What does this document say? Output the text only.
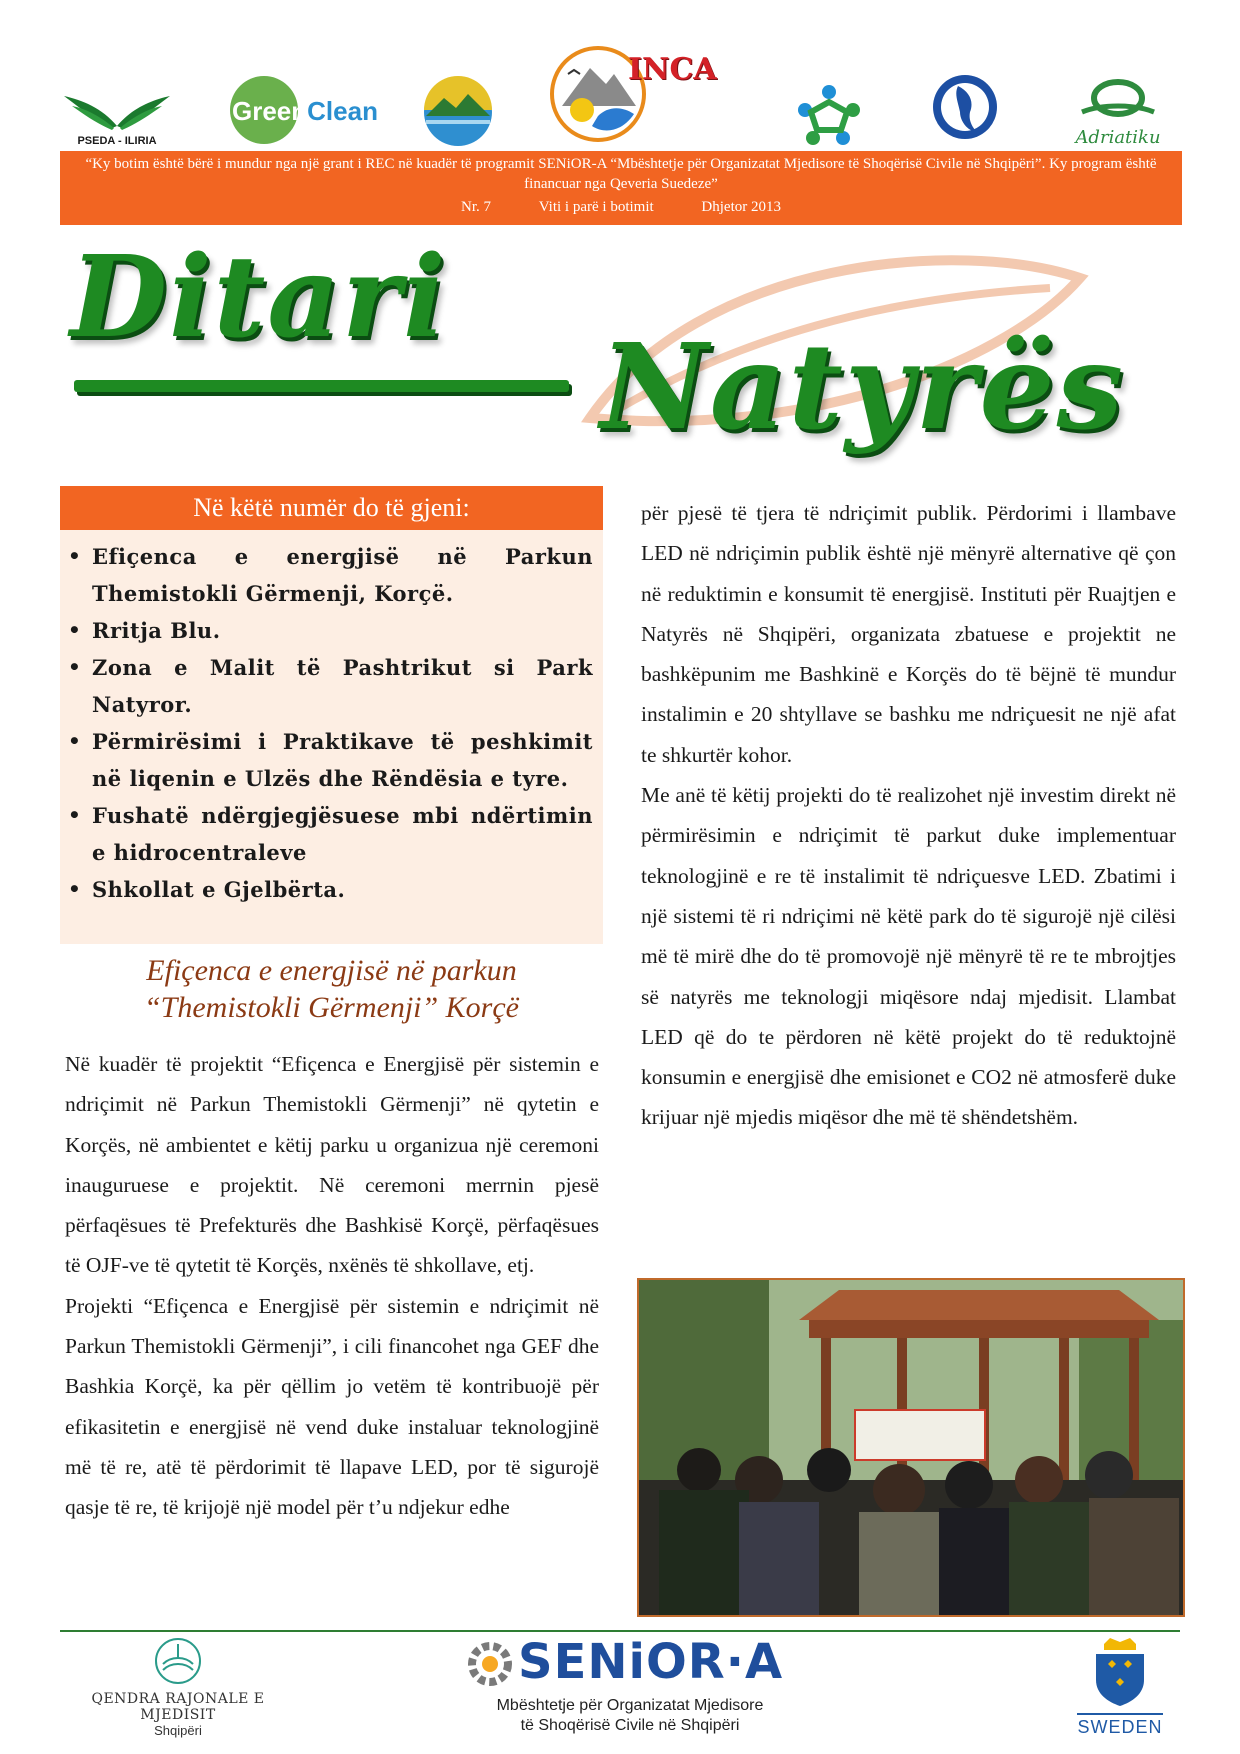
PSEDA - ILIRIA
GreenClean
INCA
Adriatiku

“Ky botim është bërë i mundur nga një grant i REC në kuadër të programit SENiOR-A “Mbështetje për Organizatat Mjedisore të Shoqërisë Civile në Shqipëri”. Ky program është financuar nga Qeveria Suedeze”

Nr. 7	Viti i parë i botimit	Dhjetor 2013

Ditari
Natyrës
Në këtë numër do të gjeni:
• Efiçenca e energjisë në Parkun Themistokli Gërmenji, Korçë.
• Rritja Blu.
• Zona e Malit të Pashtrikut si Park Natyror.
• Përmirësimi i Praktikave të peshkimit në liqenin e Ulzës dhe Rëndësia e tyre.
• Fushatë ndërgjegjësuese mbi ndërtimin e hidrocentraleve
• Shkollat e Gjelbërta.
Efiçenca e energjisë në parkun
“Themistokli Gërmenji” Korçë

Në kuadër të projektit “Efiçenca e Energjisë për sistemin e ndriçimit në Parkun Themistokli Gërmenji” në qytetin e Korçës, në ambientet e këtij parku u organizua një ceremoni inauguruese e projektit. Në ceremoni merrnin pjesë përfaqësues të Prefekturës dhe Bashkisë Korçë, përfaqësues të OJF-ve të qytetit të Korçës, nxënës të shkollave, etj.

Projekti “Efiçenca e Energjisë për sistemin e ndriçimit në Parkun Themistokli Gërmenji”, i cili financohet nga GEF dhe Bashkia Korçë, ka për qëllim jo vetëm të kontribuojë për efikasitetin e energjisë në vend duke instaluar teknologjinë më të re, atë të përdorimit të llapave LED, por të sigurojë qasje të re, të krijojë një model për t’u ndjekur edhe

për pjesë të tjera të ndriçimit publik. Përdorimi i llambave LED në ndriçimin publik është një mënyrë alternative që çon në reduktimin e konsumit të energjisë. Instituti për Ruajtjen e Natyrës në Shqipëri, organizata zbatuese e projektit ne bashkëpunim me Bashkinë e Korçës do të bëjnë të mundur instalimin e 20 shtyllave se bashku me ndriçuesit ne një afat te shkurtër kohor.

Me anë të këtij projekti do të realizohet një investim direkt në përmirësimin e ndriçimit të parkut duke implementuar teknologjinë e re të instalimit të ndriçuesve LED. Zbatimi i një sistemi të ri ndriçimi në këtë park do të sigurojë një cilësi më të mirë dhe do të promovojë një mënyrë të re te mbrojtjes së natyrës me teknologji miqësore ndaj mjedisit. Llambat LED që do te përdoren në këtë projekt do të reduktojnë konsumin e energjisë dhe emisionet e CO2 në atmosferë duke krijuar një mjedis miqësor dhe më të shëndetshëm.

QENDRA RAJONALE E MJEDISIT
Shqipëri
SENiOR·A
Mbështetje për Organizatat Mjedisore
të Shoqërisë Civile në Shqipëri	SWEDEN
